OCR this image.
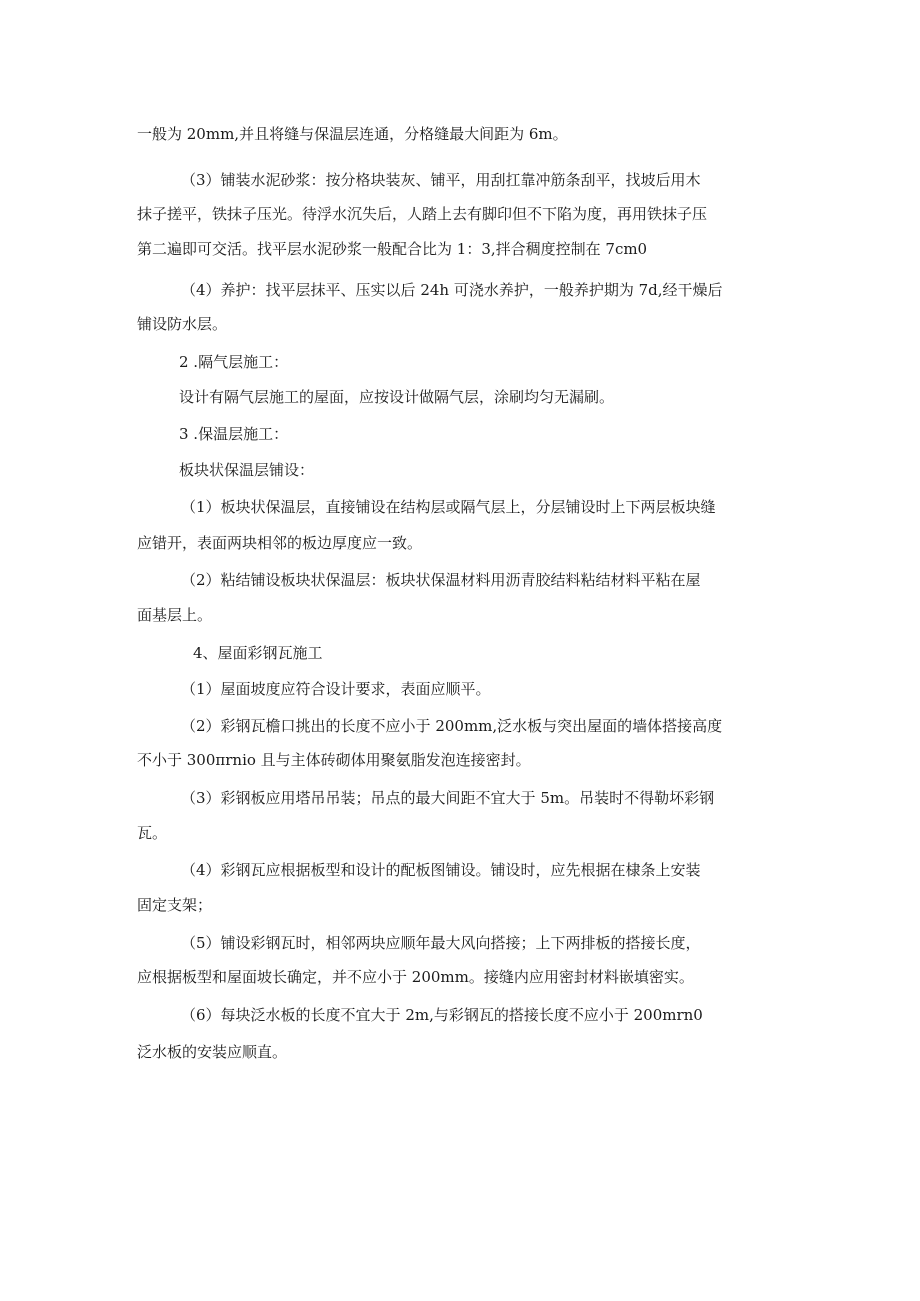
一般为 20mm,并且将缝与保温层连通，分格缝最大间距为 6m。
（3）铺装水泥砂浆：按分格块装灰、铺平，用刮扛靠冲筋条刮平，找坡后用木
抹子搓平，铁抹子压光。待浮水沉失后，人踏上去有脚印但不下陷为度，再用铁抹子压
第二遍即可交活。找平层水泥砂浆一般配合比为 1：3,拌合稠度控制在 7cm0
（4）养护：找平层抹平、压实以后 24h 可浇水养护，一般养护期为 7d,经干燥后
铺设防水层。
2 .隔气层施工：
设计有隔气层施工的屋面，应按设计做隔气层，涂刷均匀无漏刷。
3 .保温层施工：
板块状保温层铺设：
（1）板块状保温层，直接铺设在结构层或隔气层上，分层铺设时上下两层板块缝
应错开，表面两块相邻的板边厚度应一致。
（2）粘结铺设板块状保温层：板块状保温材料用沥青胶结料粘结材料平粘在屋
面基层上。
4、屋面彩钢瓦施工
（1）屋面坡度应符合设计要求，表面应顺平。
（2）彩钢瓦檐口挑出的长度不应小于 200mm,泛水板与突出屋面的墙体搭接高度
不小于 300πrnio 且与主体砖砌体用聚氨脂发泡连接密封。
（3）彩钢板应用塔吊吊装；吊点的最大间距不宜大于 5m。吊装时不得勒坏彩钢
瓦。
（4）彩钢瓦应根据板型和设计的配板图铺设。铺设时，应先根据在棣条上安装
固定支架；
（5）铺设彩钢瓦时，相邻两块应顺年最大风向搭接；上下两排板的搭接长度，
应根据板型和屋面坡长确定，并不应小于 200mm。接缝内应用密封材料嵌填密实。
（6）每块泛水板的长度不宜大于 2m,与彩钢瓦的搭接长度不应小于 200mrn0
泛水板的安装应顺直。
